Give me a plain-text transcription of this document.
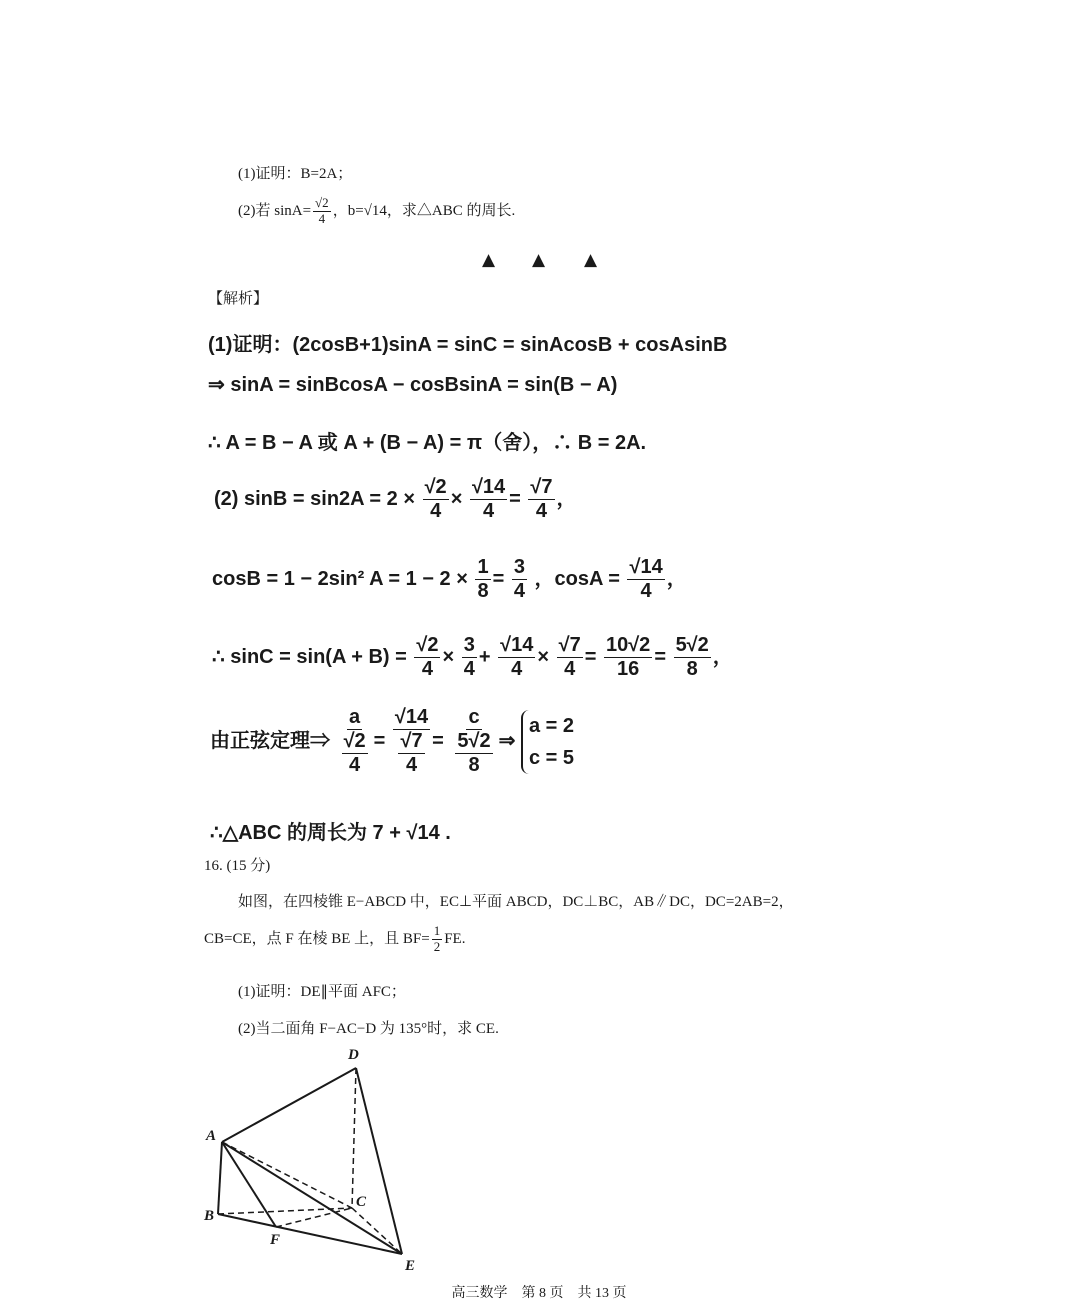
(1)证明：B=2A；
(2)若 $\sin A= \frac{√2}{4}$ ，b=√14，求△ABC 的周长.
▲ ▲ ▲
【解析】
(1)证明：(2cosB+1)sinA = sinC = sinAcosB + cosAsinB
⇒ sinA = sinBcosA − cosBsinA = sin(B − A)
∴ A = B − A 或 A + (B − A) = π（舍），∴ B = 2A.
(2) $\sin B = \sin 2A = 2 \times \frac{√2}{4} \times \frac{√14}{4} = \frac{√7}{4}$ ，
cosB = 1 − 2sin² $A = 1 - 2 \times \frac{1}{8} = \frac{3}{4}$ ，$\cos A = \frac{√14}{4}$ ，
∴ $\sin C = \sin(A + B) = \frac{√2}{4} \times \frac{3}{4} + \frac{√14}{4} \times \frac{√7}{4} = \frac{10√2}{16} = \frac{5√2}{8}$ ，
由正弦定理⇒ $\frac{a}{\frac{√2}{4}} = \frac{√14}{\frac{√7}{4}} = \frac{c}{\frac{5√2}{8}}$ ⇒
a = 2
c = 5
∴△ABC 的周长为 7 + √14 .
16. (15 分)
如图，在四棱锥 E−ABCD 中，EC⊥平面 ABCD，DC⊥BC，AB∥DC，DC=2AB=2，
CB=CE，点 F 在棱 BE 上，且 $BF= \frac{1}{2}$ FE.
(1)证明：DE∥平面 AFC；
(2)当二面角 F−AC−D 为 135°时，求 CE.
D
A
B
C
F
E
高三数学　第 8 页　共 13 页
